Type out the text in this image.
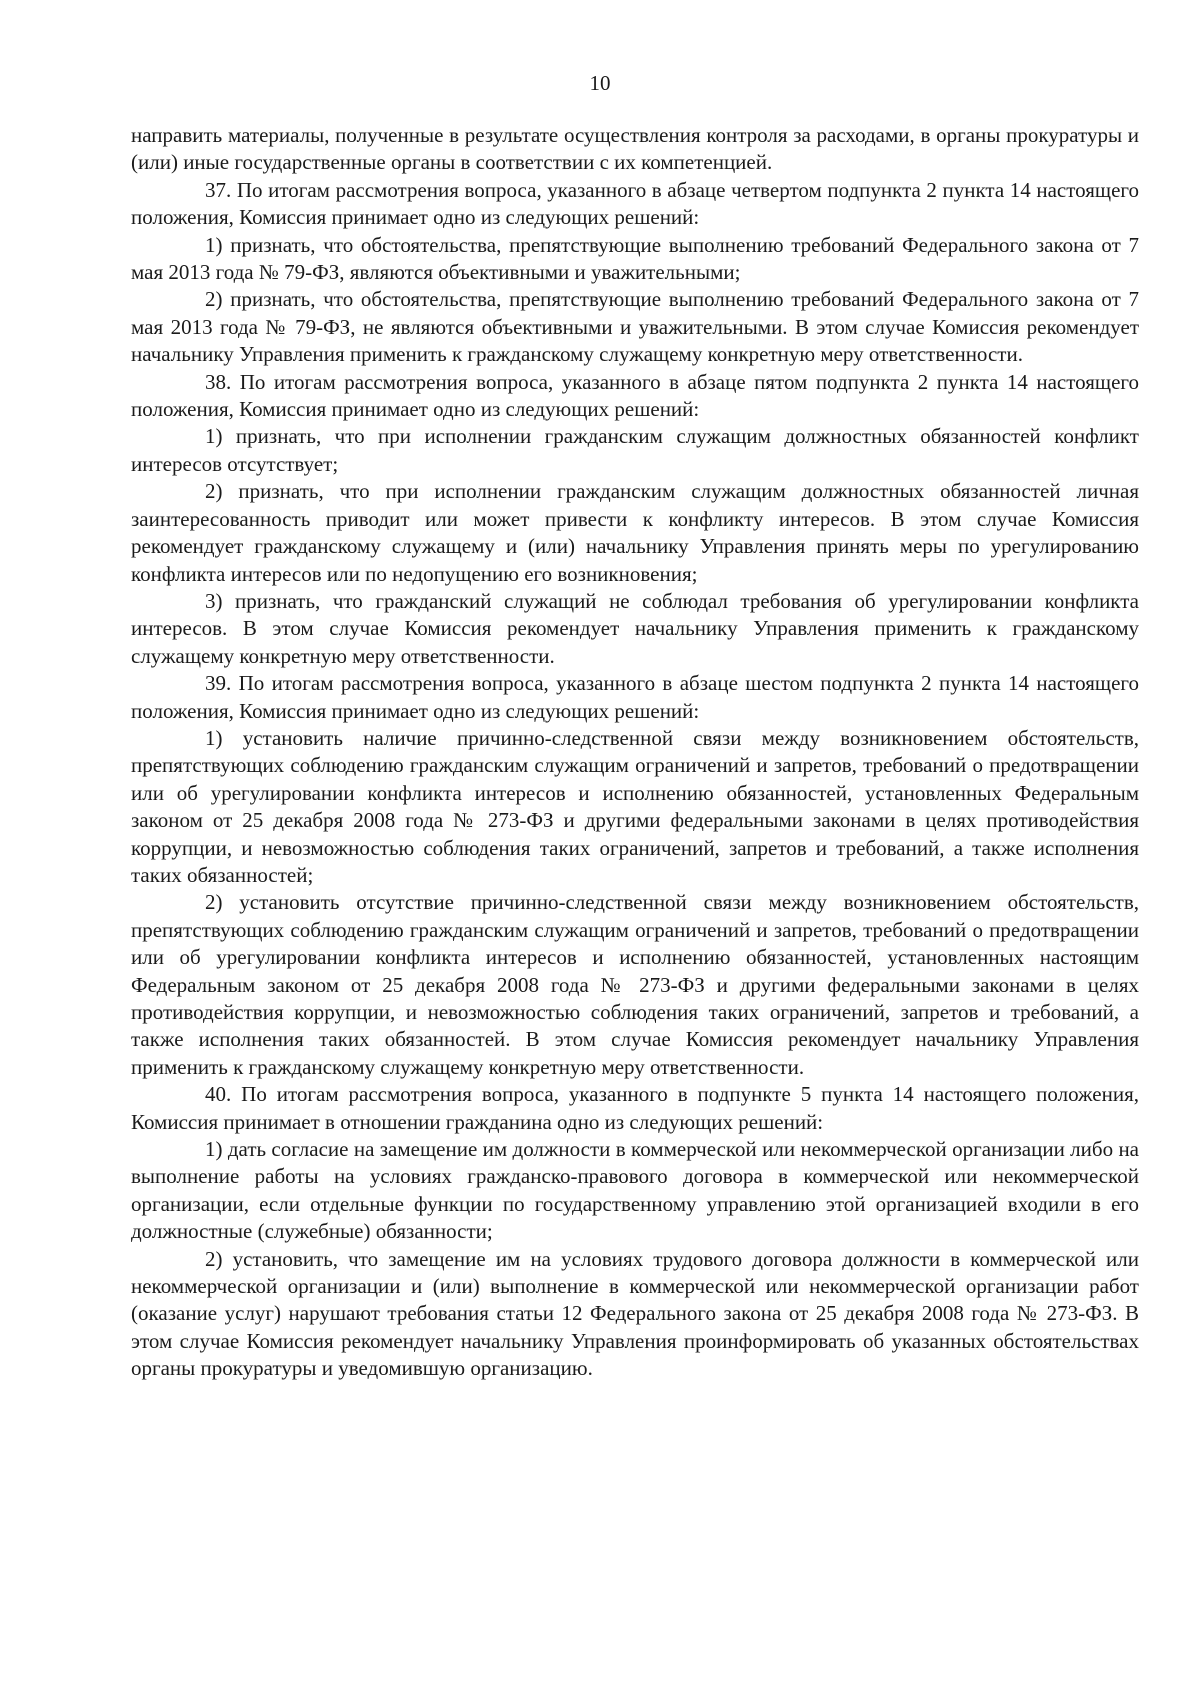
10

направить материалы, полученные в результате осуществления контроля за расходами, в органы прокуратуры и (или) иные государственные органы в соответствии с их компетенцией.

37. По итогам рассмотрения вопроса, указанного в абзаце четвертом подпункта 2 пункта 14 настоящего положения, Комиссия принимает одно из следующих решений:

1) признать, что обстоятельства, препятствующие выполнению требований Федерального закона от 7 мая 2013 года № 79-ФЗ, являются объективными и уважительными;

2) признать, что обстоятельства, препятствующие выполнению требований Федерального закона от 7 мая 2013 года № 79-ФЗ, не являются объективными и уважительными. В этом случае Комиссия рекомендует начальнику Управления применить к гражданскому служащему конкретную меру ответственности.

38. По итогам рассмотрения вопроса, указанного в абзаце пятом подпункта 2 пункта 14 настоящего положения, Комиссия принимает одно из следующих решений:

1) признать, что при исполнении гражданским служащим должностных обязанностей конфликт интересов отсутствует;

2) признать, что при исполнении гражданским служащим должностных обязанностей личная заинтересованность приводит или может привести к конфликту интересов. В этом случае Комиссия рекомендует гражданскому служащему и (или) начальнику Управления принять меры по урегулированию конфликта интересов или по недопущению его возникновения;

3) признать, что гражданский служащий не соблюдал требования об урегулировании конфликта интересов. В этом случае Комиссия рекомендует начальнику Управления применить к гражданскому служащему конкретную меру ответственности.

39. По итогам рассмотрения вопроса, указанного в абзаце шестом подпункта 2 пункта 14 настоящего положения, Комиссия принимает одно из следующих решений:

1) установить наличие причинно-следственной связи между возникновением обстоятельств, препятствующих соблюдению гражданским служащим ограничений и запретов, требований о предотвращении или об урегулировании конфликта интересов и исполнению обязанностей, установленных Федеральным законом от 25 декабря 2008 года № 273-ФЗ и другими федеральными законами в целях противодействия коррупции, и невозможностью соблюдения таких ограничений, запретов и требований, а также исполнения таких обязанностей;

2) установить отсутствие причинно-следственной связи между возникновением обстоятельств, препятствующих соблюдению гражданским служащим ограничений и запретов, требований о предотвращении или об урегулировании конфликта интересов и исполнению обязанностей, установленных настоящим Федеральным законом от 25 декабря 2008 года № 273-ФЗ и другими федеральными законами в целях противодействия коррупции, и невозможностью соблюдения таких ограничений, запретов и требований, а также исполнения таких обязанностей. В этом случае Комиссия рекомендует начальнику Управления применить к гражданскому служащему конкретную меру ответственности.

40. По итогам рассмотрения вопроса, указанного в подпункте 5 пункта 14 настоящего положения, Комиссия принимает в отношении гражданина одно из следующих решений:

1) дать согласие на замещение им должности в коммерческой или некоммерческой организации либо на выполнение работы на условиях гражданско-правового договора в коммерческой или некоммерческой организации, если отдельные функции по государственному управлению этой организацией входили в его должностные (служебные) обязанности;

2) установить, что замещение им на условиях трудового договора должности в коммерческой или некоммерческой организации и (или) выполнение в коммерческой или некоммерческой организации работ (оказание услуг) нарушают требования статьи 12 Федерального закона от 25 декабря 2008 года № 273-ФЗ. В этом случае Комиссия рекомендует начальнику Управления проинформировать об указанных обстоятельствах органы прокуратуры и уведомившую организацию.
